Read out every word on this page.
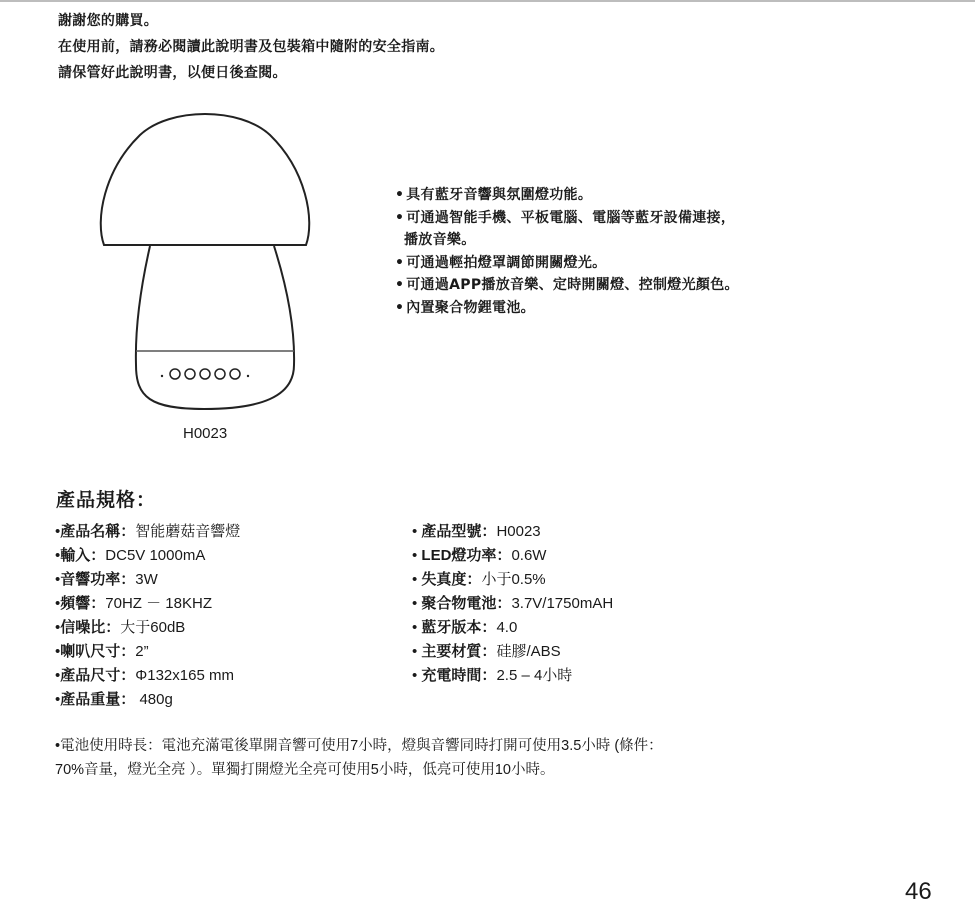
謝謝您的購買。
在使用前，請務必閱讀此說明書及包裝箱中隨附的安全指南。
請保管好此說明書，以便日後查閱。
H0023
• 具有藍牙音響與氛圍燈功能。
• 可通過智能手機、平板電腦、電腦等藍牙設備連接，
播放音樂。
• 可通過輕拍燈罩調節開關燈光。
• 可通過APP播放音樂、定時開關燈、控制燈光顏色。
• 內置聚合物鋰電池。
產品規格：
• 產品名稱：智能蘑菇音響燈
• 輸入：DC5V 1000mA
• 音響功率：3W
• 頻響：70HZ － 18KHZ
• 信噪比：大于60dB
• 喇叭尺寸：2”
• 產品尺寸：Φ132x165 mm
• 產品重量： 480g
• 產品型號：H0023
• LED燈功率：0.6W
• 失真度：小于0.5%
• 聚合物電池：3.7V/1750mAH
• 藍牙版本：4.0
• 主要材質：硅膠/ABS
• 充電時間：2.5 – 4小時
•電池使用時長：電池充滿電後單開音響可使用7小時，燈與音響同時打開可使用3.5小時 (條件：
70%音量，燈光全亮 ）。單獨打開燈光全亮可使用5小時，低亮可使用10小時。
46
